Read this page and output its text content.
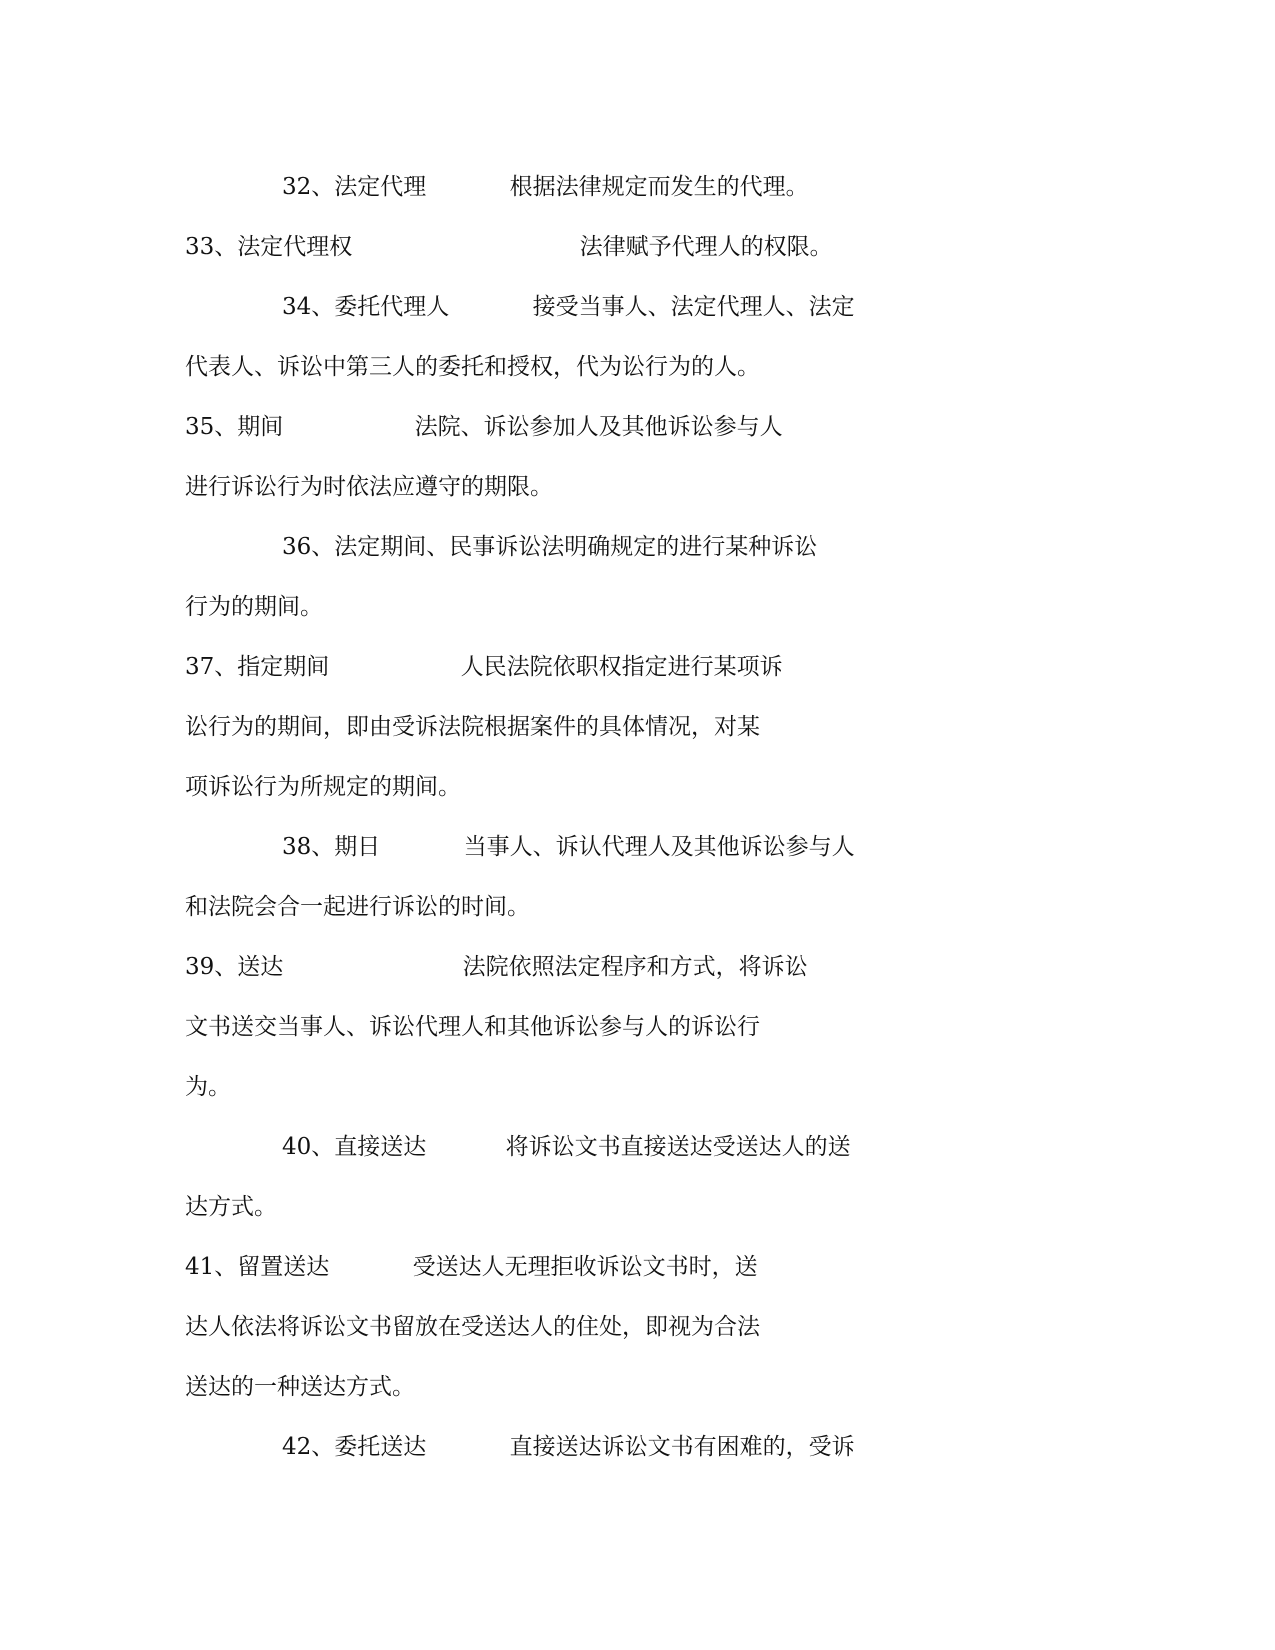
32、法定代理	根据法律规定而发生的代理。
33、法定代理权	法律赋予代理人的权限。
34、委托代理人	接受当事人、法定代理人、法定
代表人、诉讼中第三人的委托和授权，代为讼行为的人。
35、期间	法院、诉讼参加人及其他诉讼参与人
进行诉讼行为时依法应遵守的期限。
36、法定期间、民事诉讼法明确规定的进行某种诉讼
行为的期间。
37、指定期间	人民法院依职权指定进行某项诉
讼行为的期间，即由受诉法院根据案件的具体情况，对某
项诉讼行为所规定的期间。
38、期日	当事人、诉认代理人及其他诉讼参与人
和法院会合一起进行诉讼的时间。
39、送达	法院依照法定程序和方式，将诉讼
文书送交当事人、诉讼代理人和其他诉讼参与人的诉讼行
为。
40、直接送达	将诉讼文书直接送达受送达人的送
达方式。
41、留置送达	受送达人无理拒收诉讼文书时，送
达人依法将诉讼文书留放在受送达人的住处，即视为合法
送达的一种送达方式。
42、委托送达	直接送达诉讼文书有困难的，受诉
